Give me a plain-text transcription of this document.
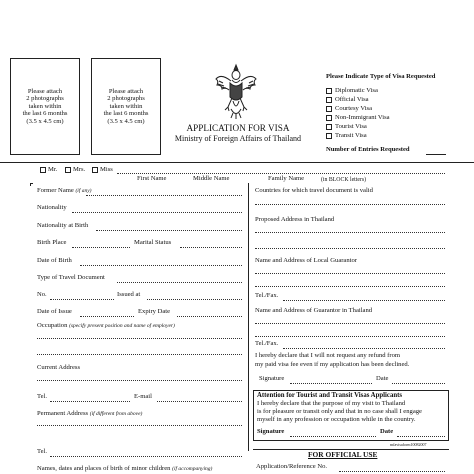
Please attach
2 photographs
taken within
the last 6 months
(3.5 x 4.5 cm)
Please attach
2 photographs
taken within
the last 6 months
(3.5 x 4.5 cm)
APPLICATION FOR VISA
Ministry of Foreign Affairs of Thailand
Please Indicate Type of Visa Requested
Diplomatic Visa
Official Visa
Courtesy Visa
Non-Immigrant Visa
Tourist Visa
Transit Visa
Number of Entries Requested
Mr. Mrs. Miss
First Name	Middle Name	Family Name	(in BLOCK letters)
Former Name (if any)
Nationality
Nationality at Birth
Birth Place	Marital Status
Date of Birth
Type of Travel Document
No.	Issued at
Date of Issue	Expiry Date
Occupation (specify present position and name of employer)
Current Address
Tel.	E-mail
Permanent Address (if different from above)
Tel.
Names, dates and places of birth of minor children (if accompanying)
Countries for which travel document is valid
Proposed Address in Thailand
Name and Address of Local Guarantor
Tel./Fax.
Name and Address of Guarantor in Thailand
Tel./Fax.
I hereby declare that I will not request any refund from
my paid visa fee even if my application has been declined.
Signature	Date
Attention for Tourist and Transit Visas Applicants
I hereby declare that the purpose of my visit to Thailand
is for pleasure or transit only and that in no case shall I engage
myself in any profession or occupation while in the country.
Signature	Date
mfavisaform10082007
FOR OFFICIAL USE
Application/Reference No.
